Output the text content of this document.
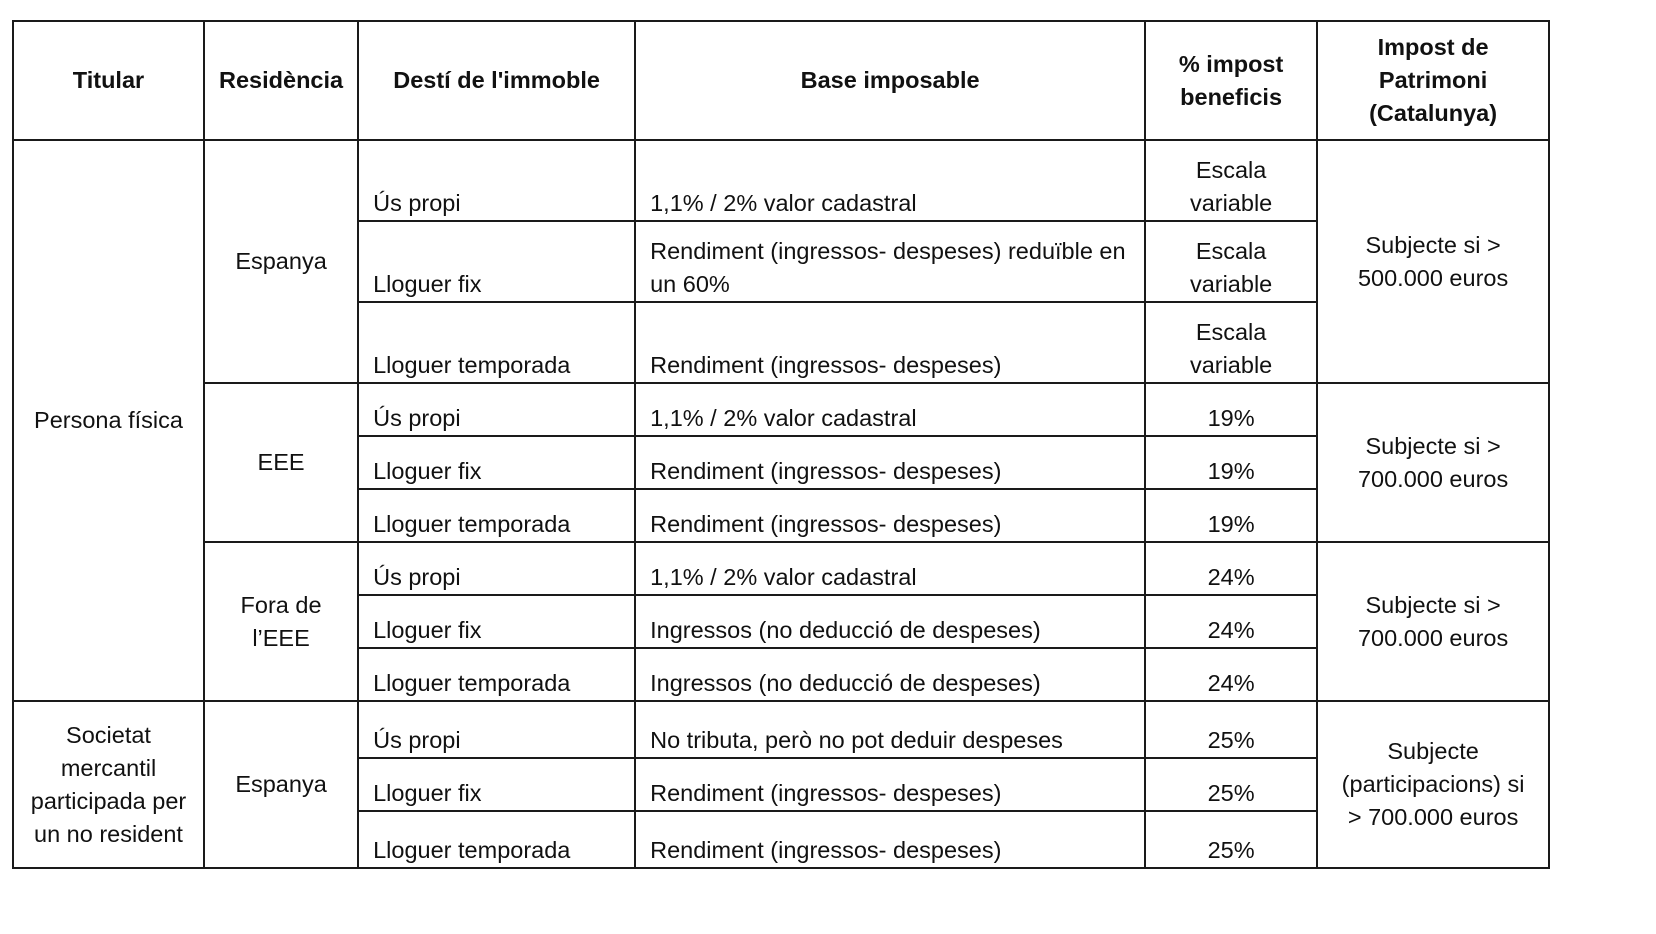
Titular	Residència	Destí de l'immoble	Base imposable	% impost beneficis	Impost de Patrimoni (Catalunya)
Persona física	Espanya	Ús propi	1,1% / 2% valor cadastral	Escala variable	Subjecte si > 500.000 euros
		Lloguer fix	Rendiment (ingressos- despeses) reduïble en un 60%	Escala variable	
		Lloguer temporada	Rendiment (ingressos- despeses)	Escala variable	
	EEE	Ús propi	1,1% / 2% valor cadastral	19%	Subjecte si > 700.000 euros
		Lloguer fix	Rendiment (ingressos- despeses)	19%	
		Lloguer temporada	Rendiment (ingressos- despeses)	19%	
	Fora de l’EEE	Ús propi	1,1% / 2% valor cadastral	24%	Subjecte si > 700.000 euros
		Lloguer fix	Ingressos (no deducció de despeses)	24%	
		Lloguer temporada	Ingressos (no deducció de despeses)	24%	
Societat mercantil participada per un no resident	Espanya	Ús propi	No tributa, però no pot deduir despeses	25%	Subjecte (participacions) si > 700.000 euros
		Lloguer fix	Rendiment (ingressos- despeses)	25%	
		Lloguer temporada	Rendiment (ingressos- despeses)	25%	
